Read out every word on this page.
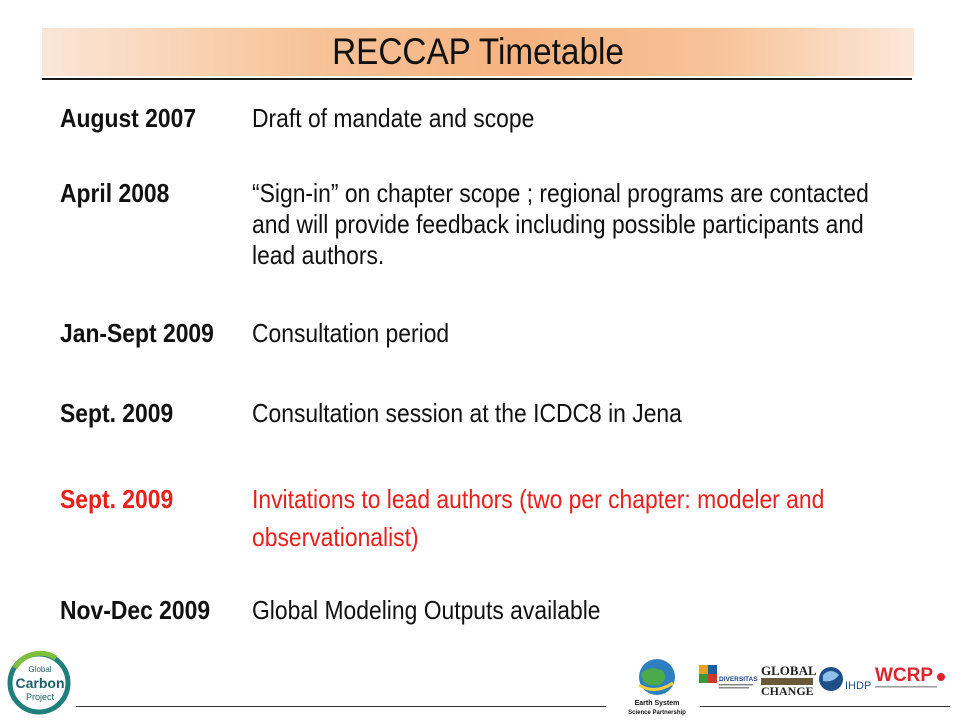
RECCAP Timetable
August 2007	Draft of mandate and scope
April 2008	“Sign-in” on chapter scope ; regional programs are contacted and will provide feedback including possible participants and lead authors.
Jan-Sept 2009	Consultation period
Sept. 2009	Consultation session at the ICDC8 in Jena
Sept. 2009	Invitations to lead authors (two per chapter: modeler and observationalist)
Nov-Dec 2009	Global Modeling Outputs available
Global
Carbon
Project
Earth System
Science Partnership
DIVERSITAS
GLOBAL
CHANGE	IHDP WCRP
